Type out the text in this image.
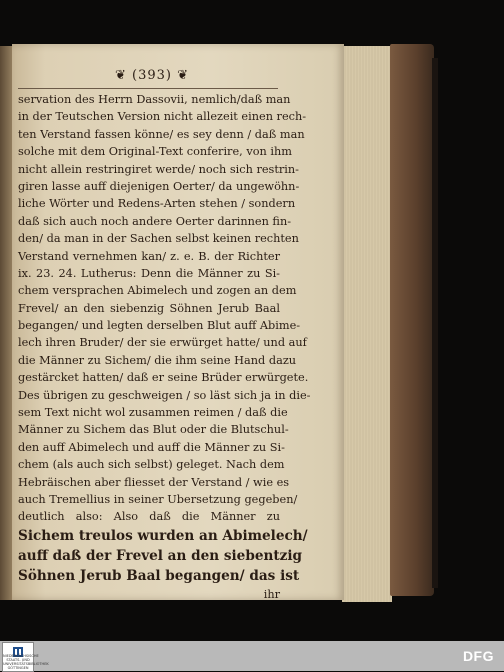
❦ (393) ❦
servation des Herrn Dassovii, nemlich/daß man
in der Teutschen Version nicht allezeit einen rech-
ten Verstand fassen könne/ es sey denn / daß man
solche mit dem Original-Text conferire, von ihm
nicht allein restringiret werde/ noch sich restrin-
giren lasse auff diejenigen Oerter/ da ungewöhn-
liche Wörter und Redens-Arten stehen / sondern
daß sich auch noch andere Oerter darinnen fin-
den/ da man in der Sachen selbst keinen rechten
Verstand vernehmen kan/ z. e. B. der Richter
ix. 23. 24. Lutherus: Denn die Männer zu Si-
chem versprachen Abimelech und zogen an dem
Frevel/ an den siebenzig Söhnen Jerub Baal
begangen/ und legten derselben Blut auff Abime-
lech ihren Bruder/ der sie erwürget hatte/ und auf
die Männer zu Sichem/ die ihm seine Hand dazu
gestärcket hatten/ daß er seine Brüder erwürgete.
Des übrigen zu geschweigen / so läst sich ja in die-
sem Text nicht wol zusammen reimen / daß die
Männer zu Sichem das Blut oder die Blutschul-
den auff Abimelech und auff die Männer zu Si-
chem (als auch sich selbst) geleget. Nach dem
Hebräischen aber fliesset der Verstand / wie es
auch Tremellius in seiner Ubersetzung gegeben/
deutlich also: Also daß die Männer zu
Sichem treulos wurden an Abimelech/
auff daß der Frevel an den siebentzig
Söhnen Jerub Baal begangen/ das ist
ihr
NIEDERSÄCHSISCHE STAATS- UND UNIVERSITÄTSBIBLIOTHEK GÖTTINGEN
DFG
